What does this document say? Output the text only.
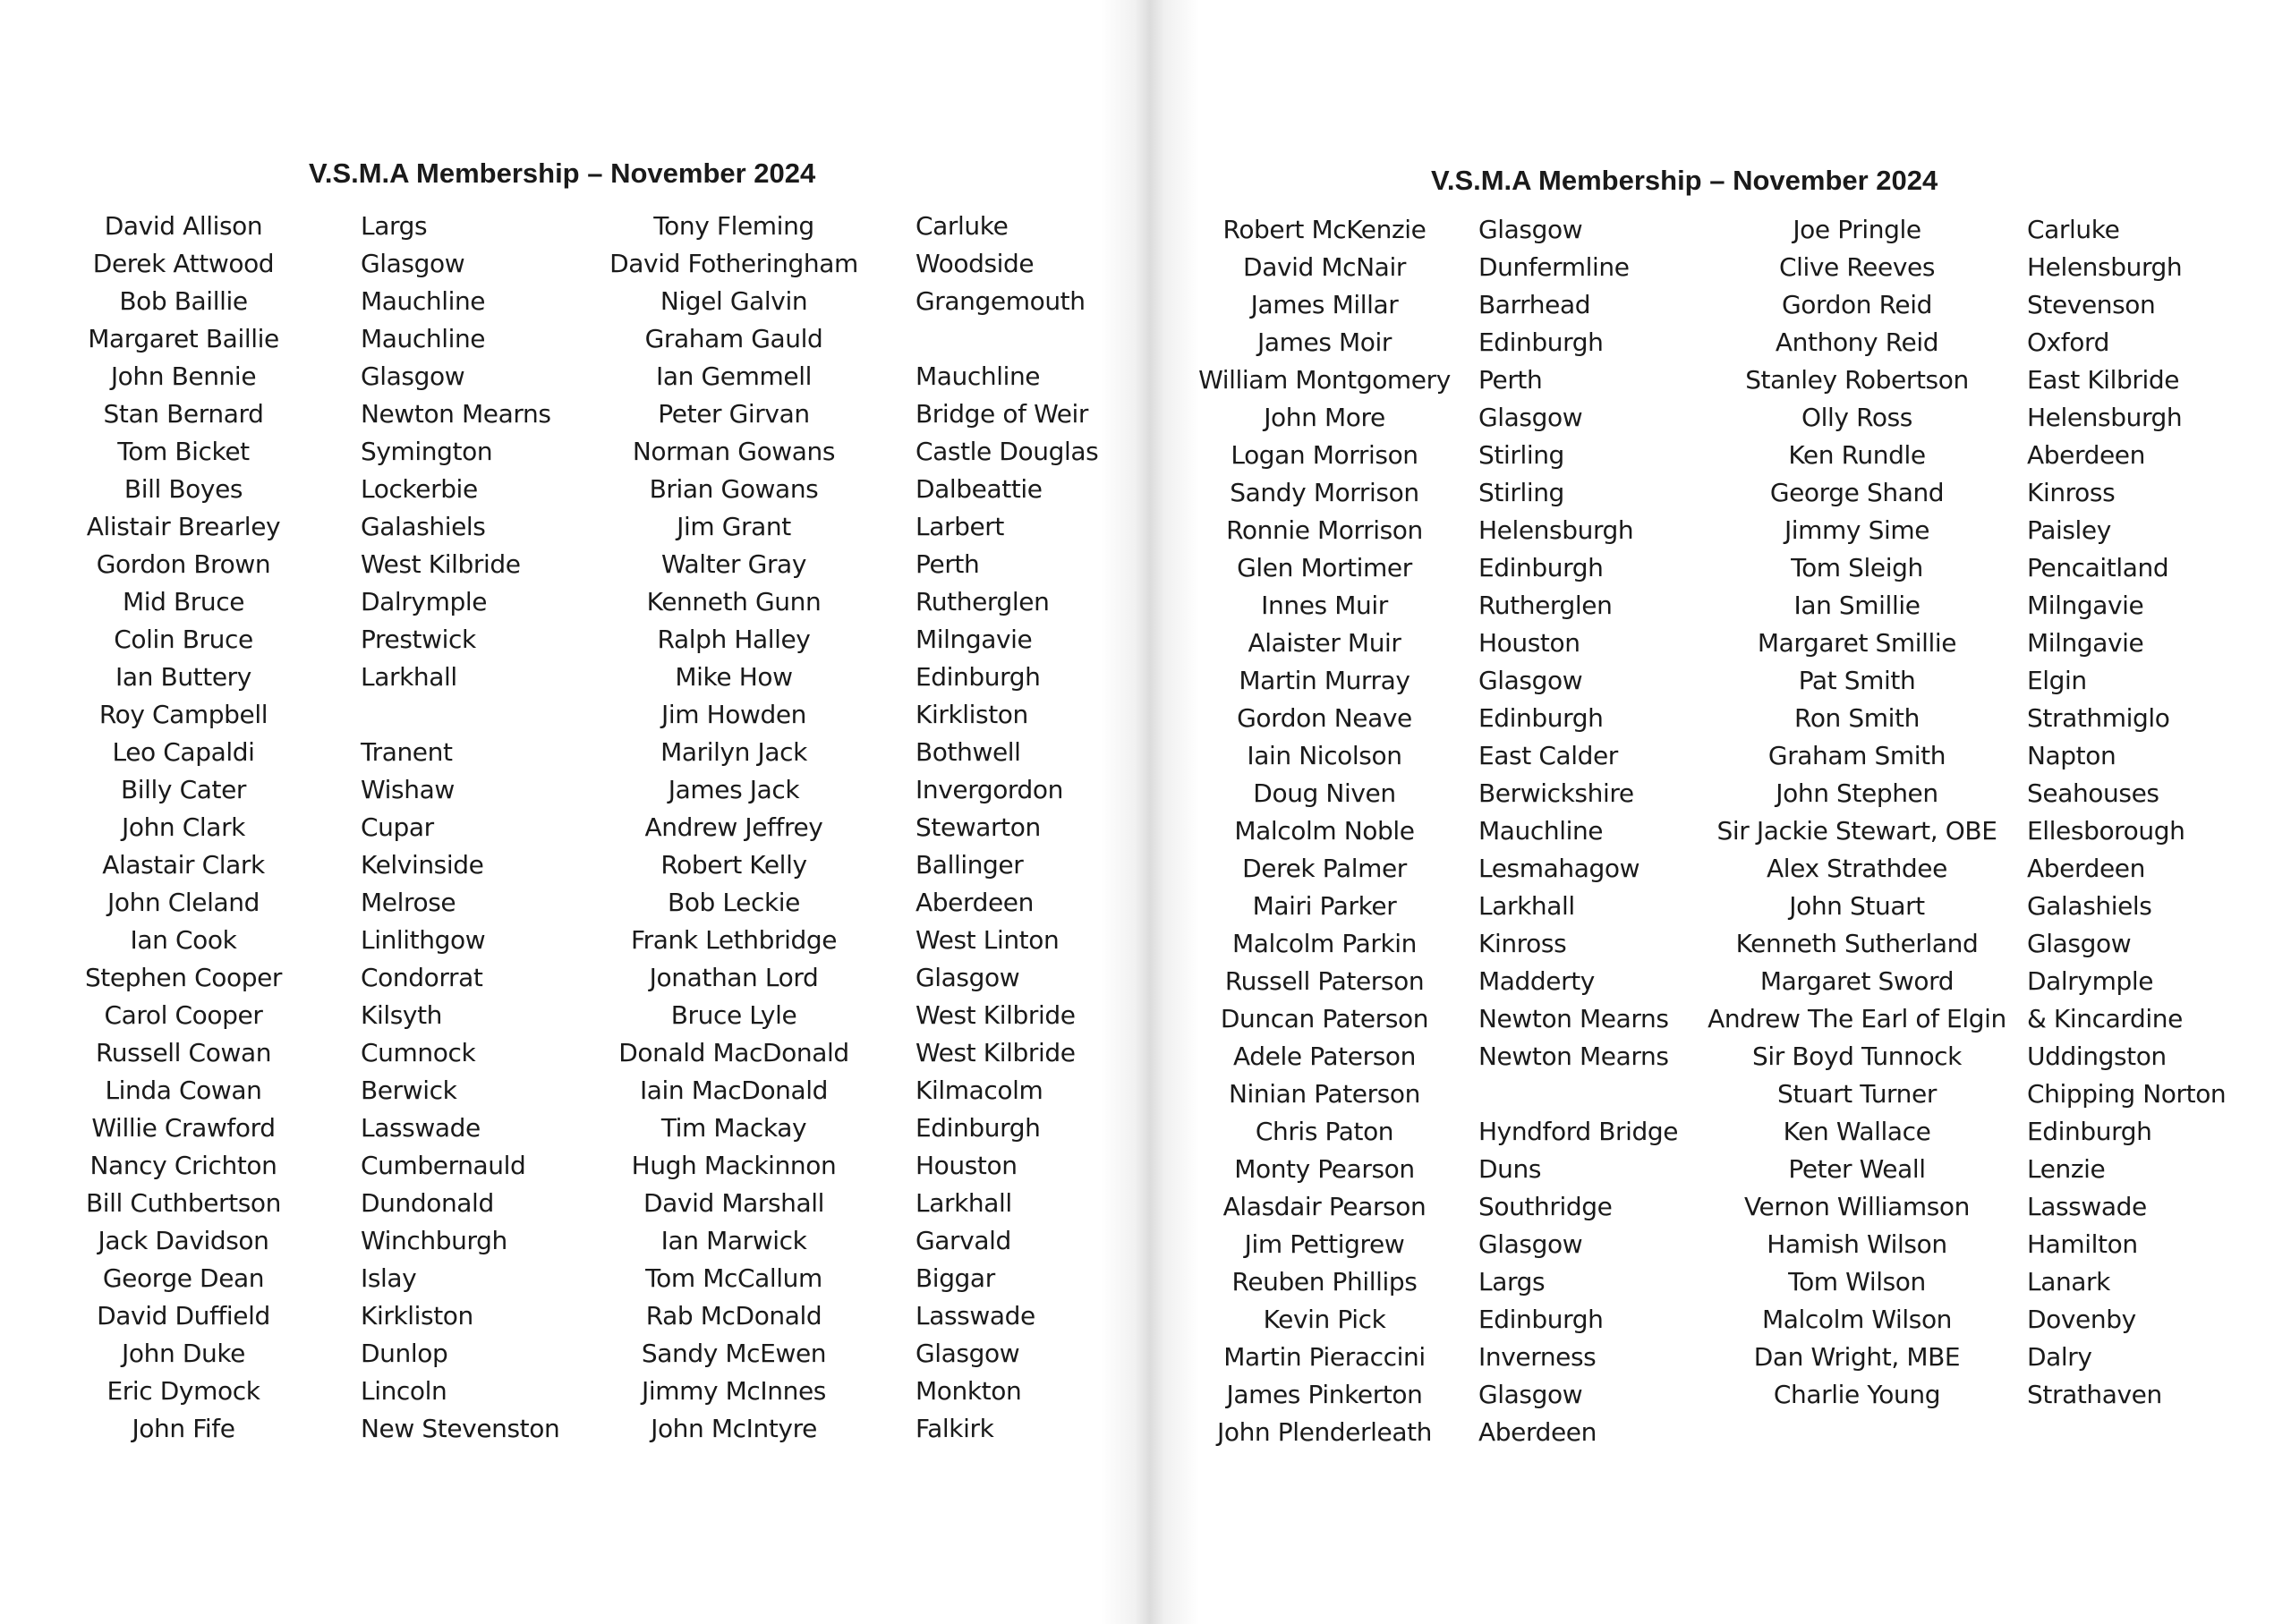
V.S.M.A Membership – November 2024
David Allison
Derek Attwood
Bob Baillie
Margaret Baillie
John Bennie
Stan Bernard
Tom Bicket
Bill Boyes
Alistair Brearley
Gordon Brown
Mid Bruce
Colin Bruce
Ian Buttery
Roy Campbell
Leo Capaldi
Billy Cater
John Clark
Alastair Clark
John Cleland
Ian Cook
Stephen Cooper
Carol Cooper
Russell Cowan
Linda Cowan
Willie Crawford
Nancy Crichton
Bill Cuthbertson
Jack Davidson
George Dean
David Duffield
John Duke
Eric Dymock
John Fife
Largs
Glasgow
Mauchline
Mauchline
Glasgow
Newton Mearns
Symington
Lockerbie
Galashiels
West Kilbride
Dalrymple
Prestwick
Larkhall
Tranent
Wishaw
Cupar
Kelvinside
Melrose
Linlithgow
Condorrat
Kilsyth
Cumnock
Berwick
Lasswade
Cumbernauld
Dundonald
Winchburgh
Islay
Kirkliston
Dunlop
Lincoln
New Stevenston
Tony Fleming
David Fotheringham
Nigel Galvin
Graham Gauld
Ian Gemmell
Peter Girvan
Norman Gowans
Brian Gowans
Jim Grant
Walter Gray
Kenneth Gunn
Ralph Halley
Mike How
Jim Howden
Marilyn Jack
James Jack
Andrew Jeffrey
Robert Kelly
Bob Leckie
Frank Lethbridge
Jonathan Lord
Bruce Lyle
Donald MacDonald
Iain MacDonald
Tim Mackay
Hugh Mackinnon
David Marshall
Ian Marwick
Tom McCallum
Rab McDonald
Sandy McEwen
Jimmy McInnes
John McIntyre
Carluke
Woodside
Grangemouth
Mauchline
Bridge of Weir
Castle Douglas
Dalbeattie
Larbert
Perth
Rutherglen
Milngavie
Edinburgh
Kirkliston
Bothwell
Invergordon
Stewarton
Ballinger
Aberdeen
West Linton
Glasgow
West Kilbride
West Kilbride
Kilmacolm
Edinburgh
Houston
Larkhall
Garvald
Biggar
Lasswade
Glasgow
Monkton
Falkirk
V.S.M.A Membership – November 2024
Robert McKenzie
David McNair
James Millar
James Moir
William Montgomery
John More
Logan Morrison
Sandy Morrison
Ronnie Morrison
Glen Mortimer
Innes Muir
Alaister Muir
Martin Murray
Gordon Neave
Iain Nicolson
Doug Niven
Malcolm Noble
Derek Palmer
Mairi Parker
Malcolm Parkin
Russell Paterson
Duncan Paterson
Adele Paterson
Ninian Paterson
Chris Paton
Monty Pearson
Alasdair Pearson
Jim Pettigrew
Reuben Phillips
Kevin Pick
Martin Pieraccini
James Pinkerton
John Plenderleath
Glasgow
Dunfermline
Barrhead
Edinburgh
Perth
Glasgow
Stirling
Stirling
Helensburgh
Edinburgh
Rutherglen
Houston
Glasgow
Edinburgh
East Calder
Berwickshire
Mauchline
Lesmahagow
Larkhall
Kinross
Madderty
Newton Mearns
Newton Mearns
Hyndford Bridge
Duns
Southridge
Glasgow
Largs
Edinburgh
Inverness
Glasgow
Aberdeen
Joe Pringle
Clive Reeves
Gordon Reid
Anthony Reid
Stanley Robertson
Olly Ross
Ken Rundle
George Shand
Jimmy Sime
Tom Sleigh
Ian Smillie
Margaret Smillie
Pat Smith
Ron Smith
Graham Smith
John Stephen
Sir Jackie Stewart, OBE
Alex Strathdee
John Stuart
Kenneth Sutherland
Margaret Sword
Andrew The Earl of Elgin
Sir Boyd Tunnock
Stuart Turner
Ken Wallace
Peter Weall
Vernon Williamson
Hamish Wilson
Tom Wilson
Malcolm Wilson
Dan Wright, MBE
Charlie Young
Carluke
Helensburgh
Stevenson
Oxford
East Kilbride
Helensburgh
Aberdeen
Kinross
Paisley
Pencaitland
Milngavie
Milngavie
Elgin
Strathmiglo
Napton
Seahouses
Ellesborough
Aberdeen
Galashiels
Glasgow
Dalrymple
& Kincardine
Uddingston
Chipping Norton
Edinburgh
Lenzie
Lasswade
Hamilton
Lanark
Dovenby
Dalry
Strathaven
